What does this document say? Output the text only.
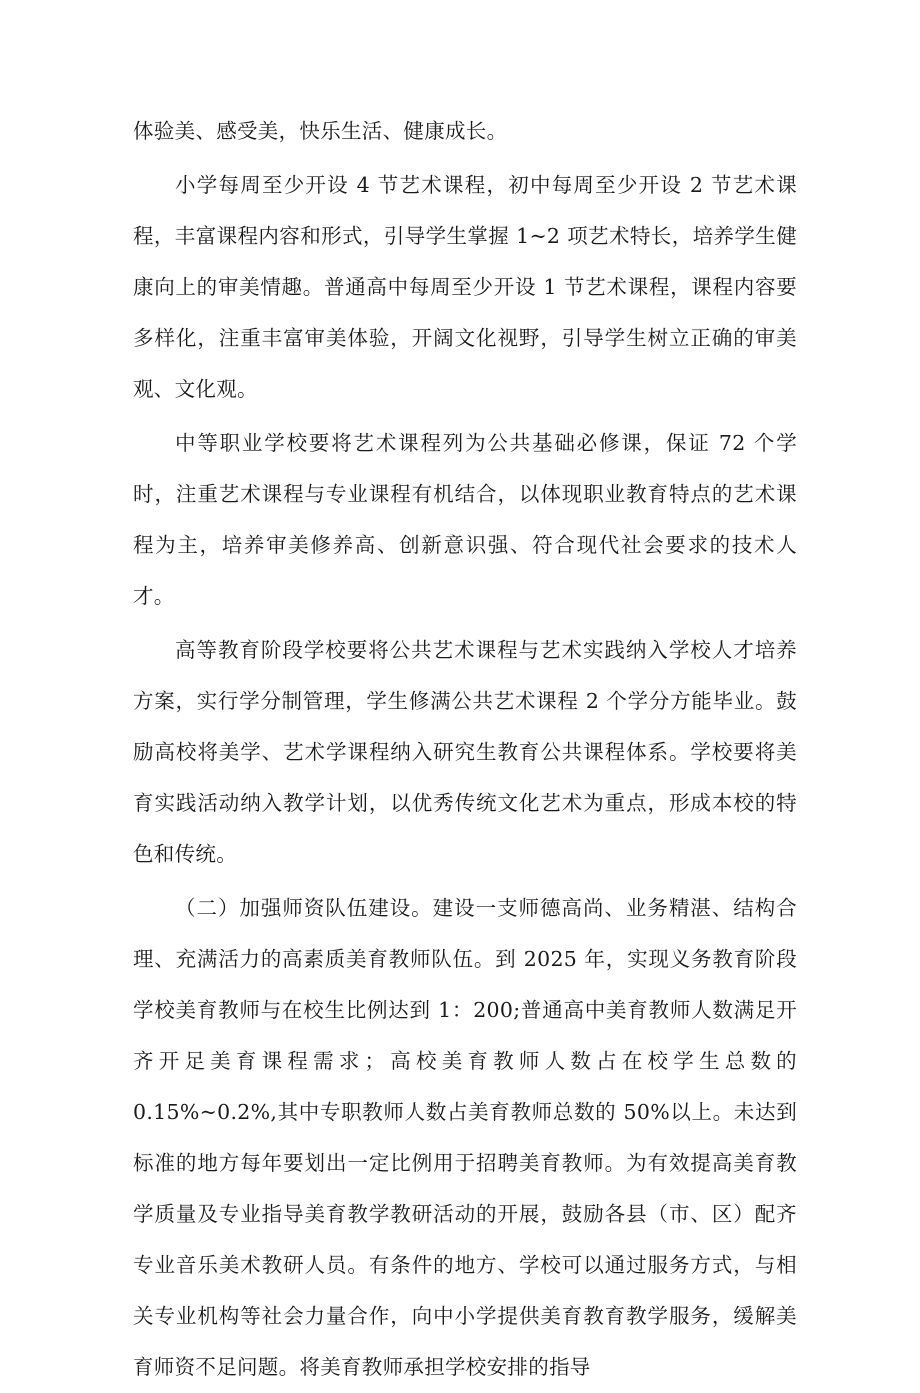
体验美、感受美，快乐生活、健康成长。

小学每周至少开设 4 节艺术课程，初中每周至少开设 2 节艺术课程，丰富课程内容和形式，引导学生掌握 1~2 项艺术特长，培养学生健康向上的审美情趣。普通高中每周至少开设 1 节艺术课程，课程内容要多样化，注重丰富审美体验，开阔文化视野，引导学生树立正确的审美观、文化观。

中等职业学校要将艺术课程列为公共基础必修课，保证 72 个学时，注重艺术课程与专业课程有机结合，以体现职业教育特点的艺术课程为主，培养审美修养高、创新意识强、符合现代社会要求的技术人才。

高等教育阶段学校要将公共艺术课程与艺术实践纳入学校人才培养方案，实行学分制管理，学生修满公共艺术课程 2 个学分方能毕业。鼓励高校将美学、艺术学课程纳入研究生教育公共课程体系。学校要将美育实践活动纳入教学计划，以优秀传统文化艺术为重点，形成本校的特色和传统。

（二）加强师资队伍建设。建设一支师德高尚、业务精湛、结构合理、充满活力的高素质美育教师队伍。到 2025 年，实现义务教育阶段学校美育教师与在校生比例达到 1：200;普通高中美育教师人数满足开齐开足美育课程需求；高校美育教师人数占在校学生总数的 0.15%~0.2%,其中专职教师人数占美育教师总数的 50%以上。未达到标准的地方每年要划出一定比例用于招聘美育教师。为有效提高美育教学质量及专业指导美育教学教研活动的开展，鼓励各县（市、区）配齐专业音乐美术教研人员。有条件的地方、学校可以通过服务方式，与相关专业机构等社会力量合作，向中小学提供美育教育教学服务，缓解美育师资不足问题。将美育教师承担学校安排的指导
